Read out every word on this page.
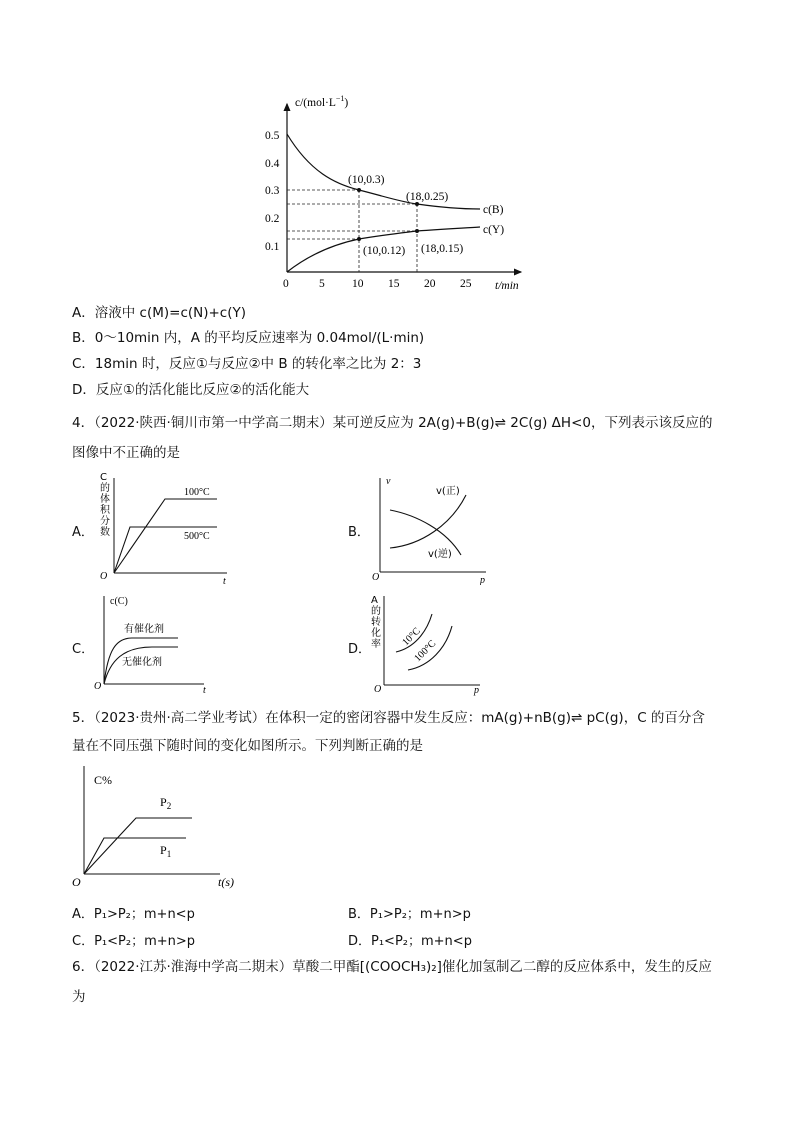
$c/(mol\cdot L^{-1})$
0.5
0.4
0.3
0.2
0.1
0	5 10 15 20 25 t/min
(10,0.3)
(18,0.25)
(10,0.12) (18,0.15)
c(B)
c(Y)
A．溶液中 c(M)=c(N)+c(Y)
B．0～10min 内，A 的平均反应速率为 0.04mol/(L·min)
C．18min 时，反应①与反应②中 B 的转化率之比为 2：3
D．反应①的活化能比反应②的活化能大
4．（2022·陕西·铜川市第一中学高二期末）某可逆反应为 2A(g)+B(g)⇌ 2C(g) ΔH<0，下列表示该反应的
图像中不正确的是
A．
C
的
体
积
分
数
100°C
500°C
O	t
B．
v
v(正)
v(逆)
O	p
C．
c(C)
有催化剂
无催化剂
O	t
D．
A
的
转
化
率 10°C
100°C
O	p
5．（2023·贵州·高二学业考试）在体积一定的密闭容器中发生反应：mA(g)+nB(g)⇌ pC(g)，C 的百分含
量在不同压强下随时间的变化如图所示。下列判断正确的是
C%
$P_2$
$P_1$
O	t(s)
A．P₁>P₂；m+n<p	B．P₁>P₂；m+n>p
C．P₁<P₂；m+n>p	D．P₁<P₂；m+n<p
6．（2022·江苏·淮海中学高二期末）草酸二甲酯[(COOCH₃)₂]催化加氢制乙二醇的反应体系中，发生的反应
为
